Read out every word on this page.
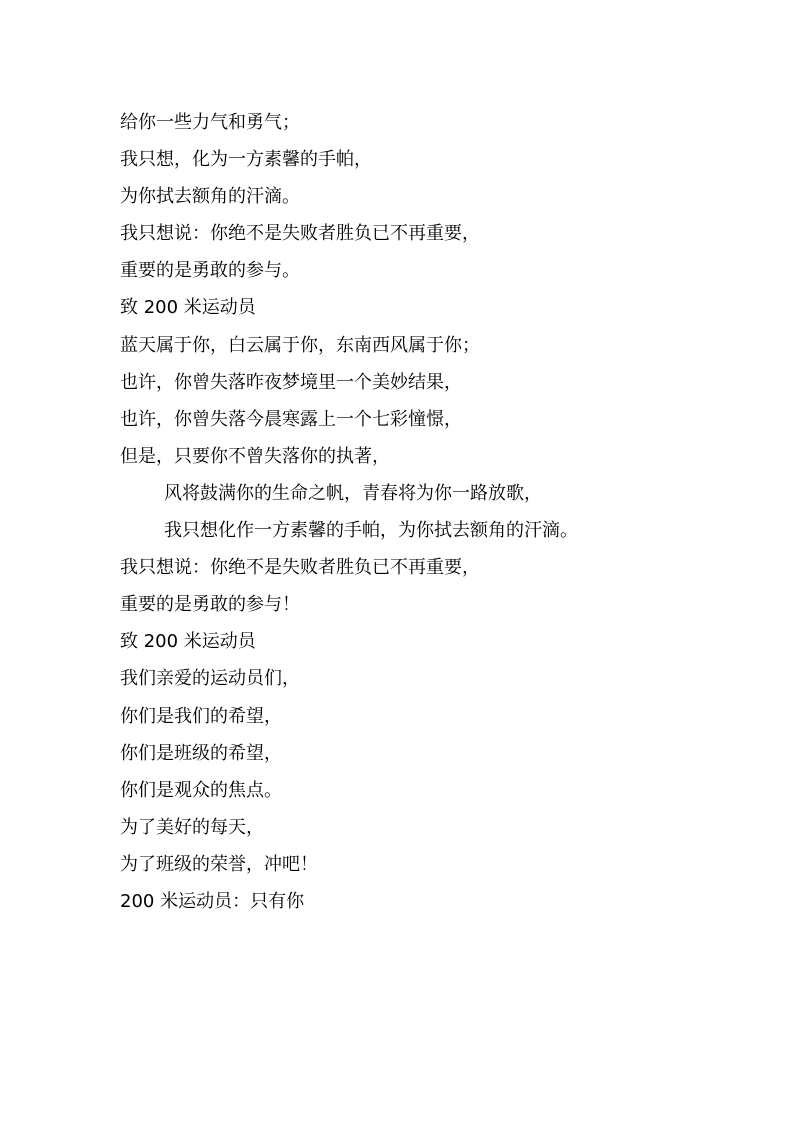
给你一些力气和勇气；
我只想，化为一方素馨的手帕，
为你拭去额角的汗滴。
我只想说：你绝不是失败者胜负已不再重要，
重要的是勇敢的参与。
致 200 米运动员
蓝天属于你，白云属于你，东南西风属于你；
也许，你曾失落昨夜梦境里一个美妙结果，
也许，你曾失落今晨寒露上一个七彩憧憬，
但是，只要你不曾失落你的执著，
风将鼓满你的生命之帆，青春将为你一路放歌，
我只想化作一方素馨的手帕，为你拭去额角的汗滴。
我只想说：你绝不是失败者胜负已不再重要，
重要的是勇敢的参与！
致 200 米运动员
我们亲爱的运动员们，
你们是我们的希望，
你们是班级的希望，
你们是观众的焦点。
为了美好的每天，
为了班级的荣誉，冲吧！
200 米运动员：只有你
